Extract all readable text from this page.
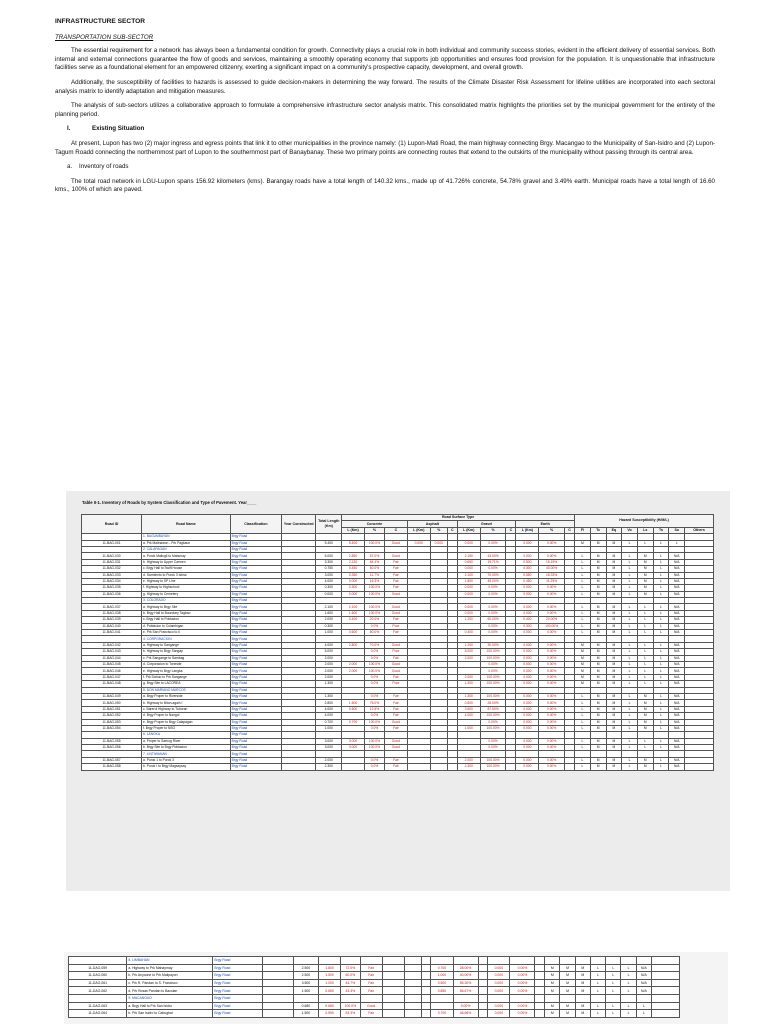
INFRASTRUCTURE SECTOR
TRANSPORTATION SUB-SECTOR

The essential requirement for a network has always been a fundamental condition for growth. Connectivity plays a crucial role in both individual and community success stories, evident in the efficient delivery of essential services. Both internal and external connections guarantee the flow of goods and services, maintaining a smoothly operating economy that supports job opportunities and ensures food provision for the population. It is unquestionable that infrastructure facilities serve as a foundational element for an empowered citizenry, exerting a significant impact on a community's prospective capacity, development, and overall growth.

Additionally, the susceptibility of facilities to hazards is assessed to guide decision-makers in determining the way forward. The results of the Climate Disaster Risk Assessment for lifeline utilities are incorporated into each sectoral analysis matrix to identify adaptation and mitigation measures.

The analysis of sub-sectors utilizes a collaborative approach to formulate a comprehensive infrastructure sector analysis matrix. This consolidated matrix highlights the priorities set by the municipal government for the entirety of the planning period.

I.	Existing Situation

At present, Lupon has two (2) major ingress and egress points that link it to other municipalities in the province namely: (1) Lupon-Mati Road, the main highway connecting Brgy. Macangao to the Municipality of San-Isidro and (2) Lupon-Tagum Roadd connecting the northernmost part of Lupon to the southernmost part of Banaybanay. These two primary points are connecting routes that extend to the outskirts of the municipality without passing through its central area.

a. Inventory of roads

The total road network in LGU-Lupon spans 156.92 kilometers (kms). Barangay roads have a total length of 140.32 kms., made up of 41.726% concrete, 54.78% gravel and 3.49% earth. Municipal roads have a total length of 16.60 kms., 100% of which are paved.

Table II-1. Inventory of Roads by System Classification and Type of Pavement. Year____
Road ID	Road Name	Classification	Year Constructed	Total Length (Km)	Road Surface Type												Hazard Susceptibility (H/M/L)							
					Concrete			Asphalt			Gravel			Earth										
					L (Km)	%	C	L (Km)	%	C	L (Km)	%	C	L (Km)	%	C	Fl	Tc	Eq	Vo	Ls	Ts	Su	Others
	1. BAGUMBAYAN	Brgy Road																						
11-BAG-001	a. Prk Malinawon - Prk Pagkaun	Brgy Road		5.400	5.400	100.0%	Good	0.000	0.000		0.000	0.00%		0.000	0.00%		M	M	M	L	L	L	L	
	2. CALAPAGAN	Brgy Road																						
11-BAG-030	a. Purok Malingil to Mabuhay	Brgy Road		5.000	2.850	57.0%	Good				2.150	43.00%		0.000	0.00%		L	M	M	L	M	L	N/A	
11-BAG-031	b. Highway to Upper Carmen	Brgy Road		3.300	2.130	64.4%	Fair				0.650	19.71%		0.500	15.15%		L	M	M	L	M	L	N/A	
11-BAG-032	c. Brgy Hall to Swift House	Brgy Road		0.750	0.450	60.0%	Fair				0.000	0.00%		0.300	40.00%		L	M	M	L	M	L	N/A	
11-BAG-033	d. Sarmiento to Purok 3 Istina	Brgy Road		3.000	0.350	11.7%	Fair				2.100	70.00%		0.550	18.33%		L	M	M	L	M	L	N/A	
11-BAG-034	e. Highway to SP Line	Brgy Road		4.000	0.000	16.3%	Fair				1.800	45.00%		0.450	11.25%		L	M	M	L	M	L	N/A	
11-BAG-035	f. Highway to Highschool	Brgy Road		0.300	0.300	100.0%	Fair				0.000	0.00%		0.000	0.00%		L	M	M	L	M	L	N/A	
11-BAG-036	g. Highway to Cemetery	Brgy Road		0.000	0.000	100.0%	Good				0.000	0.00%		0.000	0.00%		L	M	M	L	M	L	N/A	
	3. COLORADO	Brgy Road																						
11-BAG-037	a. Highway to Brgy Site	Brgy Road		2.100	2.100	100.0%	Good				0.000	0.00%		0.000	0.00%		L	M	M	L	L	L	N/A	
11-BAG-038	b. Brgy Hall to Boundary Tagbao	Brgy Road		1.600	1.600	100.0%	Good				0.000	0.00%		0.000	0.00%		L	M	M	L	L	L	N/A	
11-BAG-039	c. Brgy Hall to Poblacion	Brgy Road		2.000	0.400	20.0%	Fair				1.200	60.00%		0.400	20.00%		L	M	M	L	L	L	N/A	
11-BAG-040	d. Poblacion to Culambigan	Brgy Road		0.300		0.0%	Poor					0.00%		0.300	100.00%		L	M	M	L	L	L	N/A	
11-BAG-041	e. Prk San Francisco to II	Brgy Road		1.000	0.600	60.0%	Fair				0.400	0.00%		0.000	0.00%		L	M	M	L	L	L	N/A	
	4. CORPORACION	Brgy Road																						
11-BAG-042	a. Highway to Sangange	Brgy Road		4.000	2.800	70.0%	Good				1.200	30.00%		0.000	0.00%		M	M	M	L	L	L	N/A	
11-BAG-043	b. Highway to Brgy Sangay	Brgy Road		5.000		0.0%	Poor				5.000	100.00%		0.000	0.00%		M	M	M	L	L	L	N/A	
11-BAG-044	c. Prk Sangange to Sambag	Brgy Road		2.000		0.0%	Fair				2.000	100.00%		0.000	0.00%		M	M	M	L	L	L	N/A	
11-BAG-045	d. Corporacion to Tonesite	Brgy Road		2.000	2.000	100.0%	Good					0.00%		0.000	0.00%		M	M	M	L	L	L	N/A	
11-BAG-046	e. Highway to Brgy Langka	Brgy Road		2.000	2.000	100.0%	Good					0.00%		0.000	0.00%		M	M	M	L	L	L	N/A	
11-BAG-047	f. Prk Dahuo to Prk Sangange	Brgy Road		2.000		0.0%	Fair				2.000	100.00%		0.000	0.00%		M	M	M	L	L	L	N/A	
11-BAG-048	g. Brgy Site to LACOREA	Brgy Road		1.300		0.0%	Poor				1.300	100.00%		0.000	0.00%		M	M	M	L	L	L	N/A	
	5. DON MARIANO MARCOS	Brgy Road																						
11-BAG-049	a. Brgy Proper to Riverside	Brgy Road		1.300		0.0%	Fair				1.300	100.00%		0.000	0.00%		L	M	M	L	M	L	N/A	
11-BAG-050	b. Highway to Biton-again I	Brgy Road		2.800	1.500	75.0%	Fair				0.500	25.00%		0.000	0.00%		L	M	M	L	M	L	N/A	
11-BAG-051	c. Barerol Highway to Tuburan	Brgy Road		4.000	0.500	12.5%	Fair				3.500	87.50%		0.000	0.00%		L	M	M	L	M	L	N/A	
11-BAG-052	d. Brgy Proper to Nangol	Brgy Road		4.000		0.0%	Fair				4.000	100.00%		0.000	0.00%		L	M	M	L	M	L	N/A	
11-BAG-053	e. Brgy Proper to Brgy Calapagan	Brgy Road		0.700	0.700	100.0%	Good					0.00%		0.000	0.00%		L	M	M	L	M	L	N/A	
11-BAG-054	f. Brgy Proper to NSO	Brgy Road		1.000		0.0%	Fair				1.000	100.00%		0.000	0.00%		L	M	M	L	M	L	N/A	
	6. LANGKA	Brgy Road																						
11-BAG-055	a. Proper to Sarnog River	Brgy Road		3.000	3.000	100.0%	Good					0.00%		0.000	0.00%		L	M	M	L	L	L	N/A	
11-BAG-056	b. Brgy Site to Brgy Poblacion	Brgy Road		3.000	3.000	100.0%	Good					0.00%		0.000	0.00%		L	M	M	L	L	L	N/A	
	7. LINTIWANAN	Brgy Road																						
11-BAG-057	a. Purok 1 to Purok 3	Brgy Road		2.000		0.0%	Fair				2.000	100.00%		0.000	0.00%		L	M	M	L	M	L	N/A	
11-BAG-058	b. Purok I to Brgy Magsaysay	Brgy Road		2.300		0.0%	Fair				2.300	100.00%		0.000	0.00%		L	M	M	L	M	L	N/A	
	8. LIMBAHAN	Brgy Road																						
11-DAO-059	a. Highway to Prk Mahaymay	Brgy Road		2.500	1.800	72.0%	Fair				0.700	28.00%		0.000	0.00%		M	M	M	L	L	L	N/A	
11-DAO-060	b. Prk Anyoone to Prk Malipayon	Brgy Road		2.500	1.500	60.0%	Fair				1.000	40.00%		0.000	0.00%		M	M	M	L	L	L	N/A	
11-DAO-061	c. Prk R. Pandan to S. Francisco	Brgy Road		3.500	1.000	44.7%	Fair				0.500	55.30%		0.000	0.00%		M	M	M	L	L	L	N/A	
11-DAO-062	d. Prk Rosas Pandan to Bacolan	Brgy Road		1.500	0.650	43.3%	Fair				0.850	56.67%		0.000	0.00%		M	M	M	L	L	L	N/A	
	9. MACANGAO	Brgy Road																						
11-DAO-063	a. Brgy Hall to Prk San Isidro	Brgy Road		0.680	0.680	100.0%	Good					0.00%		0.000	0.00%		M	M	M	L	L	L	L	
11-DAO-064	b. Prk San Isidro to Cabugbal	Brgy Road		1.500	0.550	53.3%	Fair				0.700	46.66%		0.000	0.00%		M	M	M	L	L	L	L	
